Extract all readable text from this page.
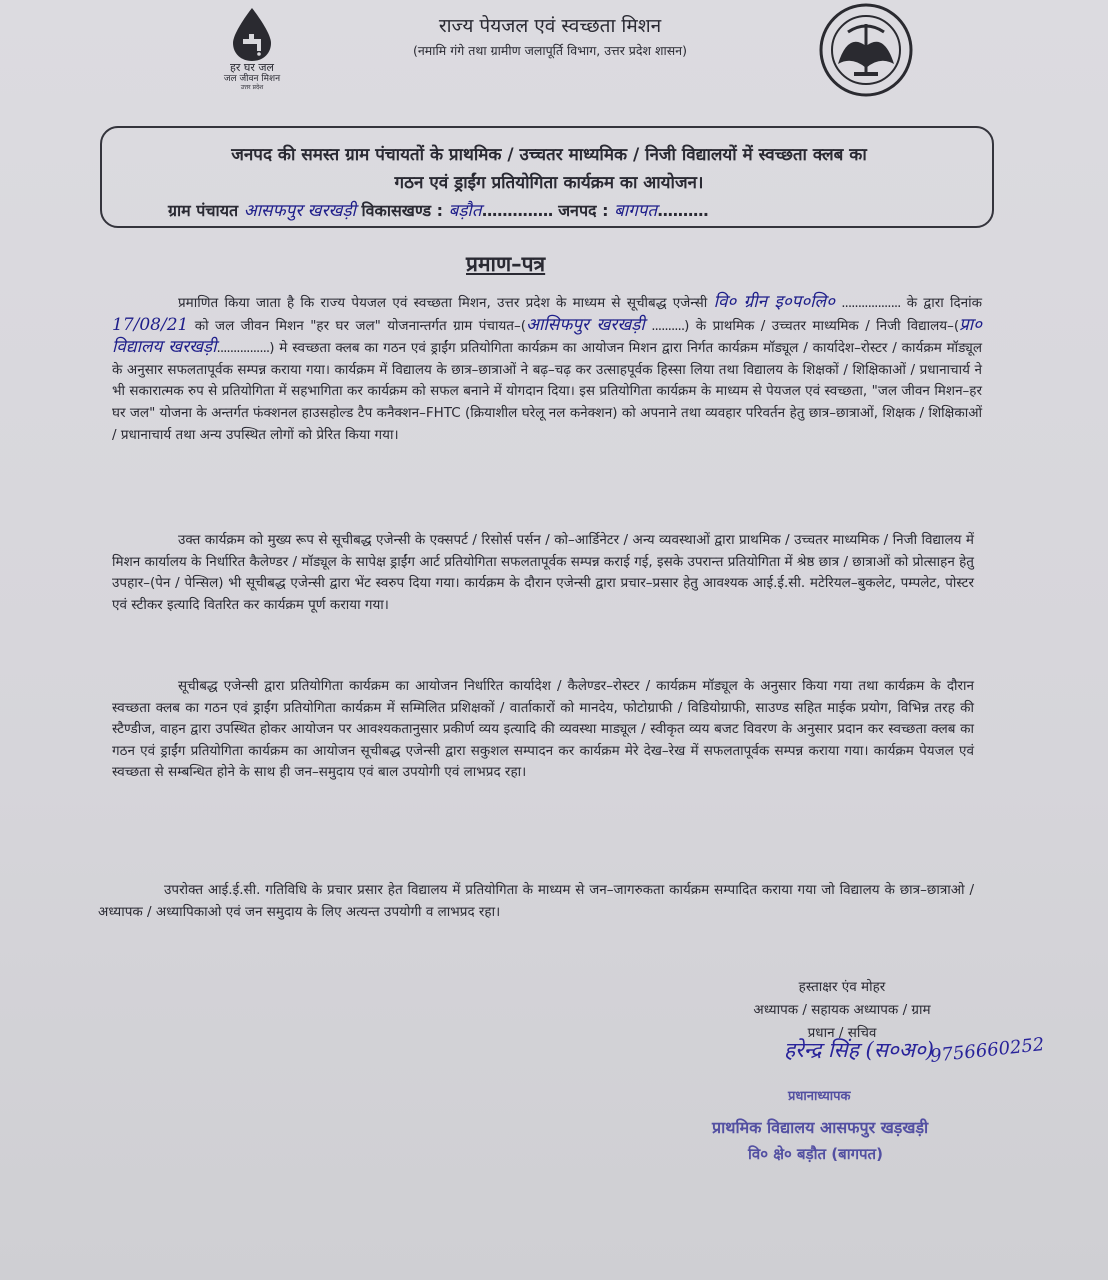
हर घर जल
जल जीवन मिशन
उत्तर प्रदेश
राज्य पेयजल एवं स्वच्छता मिशन
(नमामि गंगे तथा ग्रामीण जलापूर्ति विभाग, उत्तर प्रदेश शासन)
जनपद की समस्त ग्राम पंचायतों के प्राथमिक / उच्चतर माध्यमिक / निजी विद्यालयों में स्वच्छता क्लब का
गठन एवं ड्राईंग प्रतियोगिता कार्यक्रम का आयोजन।
ग्राम पंचायत आसफपुर खरखड़ी विकासखण्ड : बड़ौत.............. जनपद : बागपत..........
प्रमाण–पत्र
प्रमाणित किया जाता है कि राज्य पेयजल एवं स्वच्छता मिशन, उत्तर प्रदेश के माध्यम से सूचीबद्ध एजेन्सी वि० ग्रीन इ०प०लि० .................. के द्वारा दिनांक 17/08/21 को जल जीवन मिशन "हर घर जल" योजनान्तर्गत ग्राम पंचायत–(आसिफपुर खरखड़ी ..........) के प्राथमिक / उच्चतर माध्यमिक / निजी विद्यालय–(प्रा० विद्यालय खरखड़ी................) मे स्वच्छता क्लब का गठन एवं ड्राईंग प्रतियोगिता कार्यक्रम का आयोजन मिशन द्वारा निर्गत कार्यक्रम मॉड्यूल / कार्यादेश–रोस्टर / कार्यक्रम मॉड्यूल के अनुसार सफलतापूर्वक सम्पन्न कराया गया। कार्यक्रम में विद्यालय के छात्र–छात्राओं ने बढ़–चढ़ कर उत्साहपूर्वक हिस्सा लिया तथा विद्यालय के शिक्षकों / शिक्षिकाओं / प्रधानाचार्य ने भी सकारात्मक रुप से प्रतियोगिता में सहभागिता कर कार्यक्रम को सफल बनाने में योगदान दिया। इस प्रतियोगिता कार्यक्रम के माध्यम से पेयजल एवं स्वच्छता, "जल जीवन मिशन–हर घर जल" योजना के अन्तर्गत फंक्शनल हाउसहोल्ड टैप कनैक्शन–FHTC (क्रियाशील घरेलू नल कनेक्शन) को अपनाने तथा व्यवहार परिवर्तन हेतु छात्र–छात्राओं, शिक्षक / शिक्षिकाओं / प्रधानाचार्य तथा अन्य उपस्थित लोगों को प्रेरित किया गया।
उक्त कार्यक्रम को मुख्य रूप से सूचीबद्ध एजेन्सी के एक्सपर्ट / रिसोर्स पर्सन / को–आर्डिनेटर / अन्य व्यवस्थाओं द्वारा प्राथमिक / उच्चतर माध्यमिक / निजी विद्यालय में मिशन कार्यालय के निर्धारित कैलेण्डर / मॉड्यूल के सापेक्ष ड्राईंग आर्ट प्रतियोगिता सफलतापूर्वक सम्पन्न कराई गई, इसके उपरान्त प्रतियोगिता में श्रेष्ठ छात्र / छात्राओं को प्रोत्साहन हेतु उपहार–(पेन / पेन्सिल) भी सूचीबद्ध एजेन्सी द्वारा भेंट स्वरुप दिया गया। कार्यक्रम के दौरान एजेन्सी द्वारा प्रचार–प्रसार हेतु आवश्यक आई.ई.सी. मटेरियल–बुकलेट, पम्पलेट, पोस्टर एवं स्टीकर इत्यादि वितरित कर कार्यक्रम पूर्ण कराया गया।
सूचीबद्ध एजेन्सी द्वारा प्रतियोगिता कार्यक्रम का आयोजन निर्धारित कार्यादेश / कैलेण्डर–रोस्टर / कार्यक्रम मॉड्यूल के अनुसार किया गया तथा कार्यक्रम के दौरान स्वच्छता क्लब का गठन एवं ड्राईंग प्रतियोगिता कार्यक्रम में सम्मिलित प्रशिक्षकों / वार्ताकारों को मानदेय, फोटोग्राफी / विडियोग्राफी, साउण्ड सहित माईक प्रयोग, विभिन्न तरह की स्टैण्डीज, वाहन द्वारा उपस्थित होकर आयोजन पर आवश्यकतानुसार प्रकीर्ण व्यय इत्यादि की व्यवस्था माड्यूल / स्वीकृत व्यय बजट विवरण के अनुसार प्रदान कर स्वच्छता क्लब का गठन एवं ड्राईंग प्रतियोगिता कार्यक्रम का आयोजन सूचीबद्ध एजेन्सी द्वारा सकुशल सम्पादन कर कार्यक्रम मेरे देख–रेख में सफलतापूर्वक सम्पन्न कराया गया। कार्यक्रम पेयजल एवं स्वच्छता से सम्बन्धित होने के साथ ही जन–समुदाय एवं बाल उपयोगी एवं लाभप्रद रहा।
उपरोक्त आई.ई.सी. गतिविधि के प्रचार प्रसार हेत विद्यालय में प्रतियोगिता के माध्यम से जन–जागरुकता कार्यक्रम सम्पादित कराया गया जो विद्यालय के छात्र–छात्राओ / अध्यापक / अध्यापिकाओ एवं जन समुदाय के लिए अत्यन्त उपयोगी व लाभप्रद रहा।
हस्ताक्षर एंव मोहर
अध्यापक / सहायक अध्यापक / ग्राम
प्रधान / सचिव
हरेन्द्र सिंह (स०अ०)
9756660252
प्रधानाध्यापक
प्राथमिक विद्यालय आसफपुर खड़खड़ी
वि० क्षे० बड़ौत (बागपत)
